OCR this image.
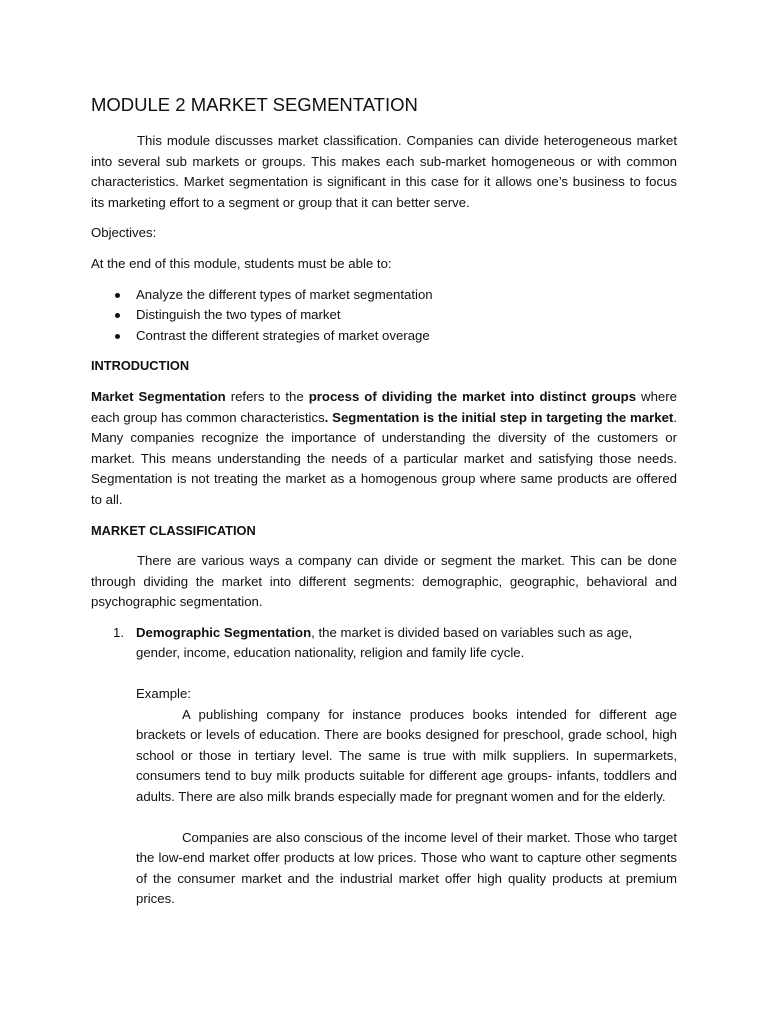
MODULE 2 MARKET SEGMENTATION

This module discusses market classification. Companies can divide heterogeneous market into several sub markets or groups. This makes each sub-market homogeneous or with common characteristics. Market segmentation is significant in this case for it allows one’s business to focus its marketing effort to a segment or group that it can better serve.

Objectives:

At the end of this module, students must be able to:

Analyze the different types of market segmentation
Distinguish the two types of market
Contrast the different strategies of market overage

INTRODUCTION

Market Segmentation refers to the process of dividing the market into distinct groups where each group has common characteristics. Segmentation is the initial step in targeting the market. Many companies recognize the importance of understanding the diversity of the customers or market. This means understanding the needs of a particular market and satisfying those needs. Segmentation is not treating the market as a homogenous group where same products are offered to all.

MARKET CLASSIFICATION

There are various ways a company can divide or segment the market. This can be done through dividing the market into different segments: demographic, geographic, behavioral and psychographic segmentation.

1. Demographic Segmentation, the market is divided based on variables such as age, gender, income, education nationality, religion and family life cycle.

Example:

A publishing company for instance produces books intended for different age brackets or levels of education. There are books designed for preschool, grade school, high school or those in tertiary level. The same is true with milk suppliers. In supermarkets, consumers tend to buy milk products suitable for different age groups- infants, toddlers and adults. There are also milk brands especially made for pregnant women and for the elderly.

Companies are also conscious of the income level of their market. Those who target the low-end market offer products at low prices. Those who want to capture other segments of the consumer market and the industrial market offer high quality products at premium prices.
